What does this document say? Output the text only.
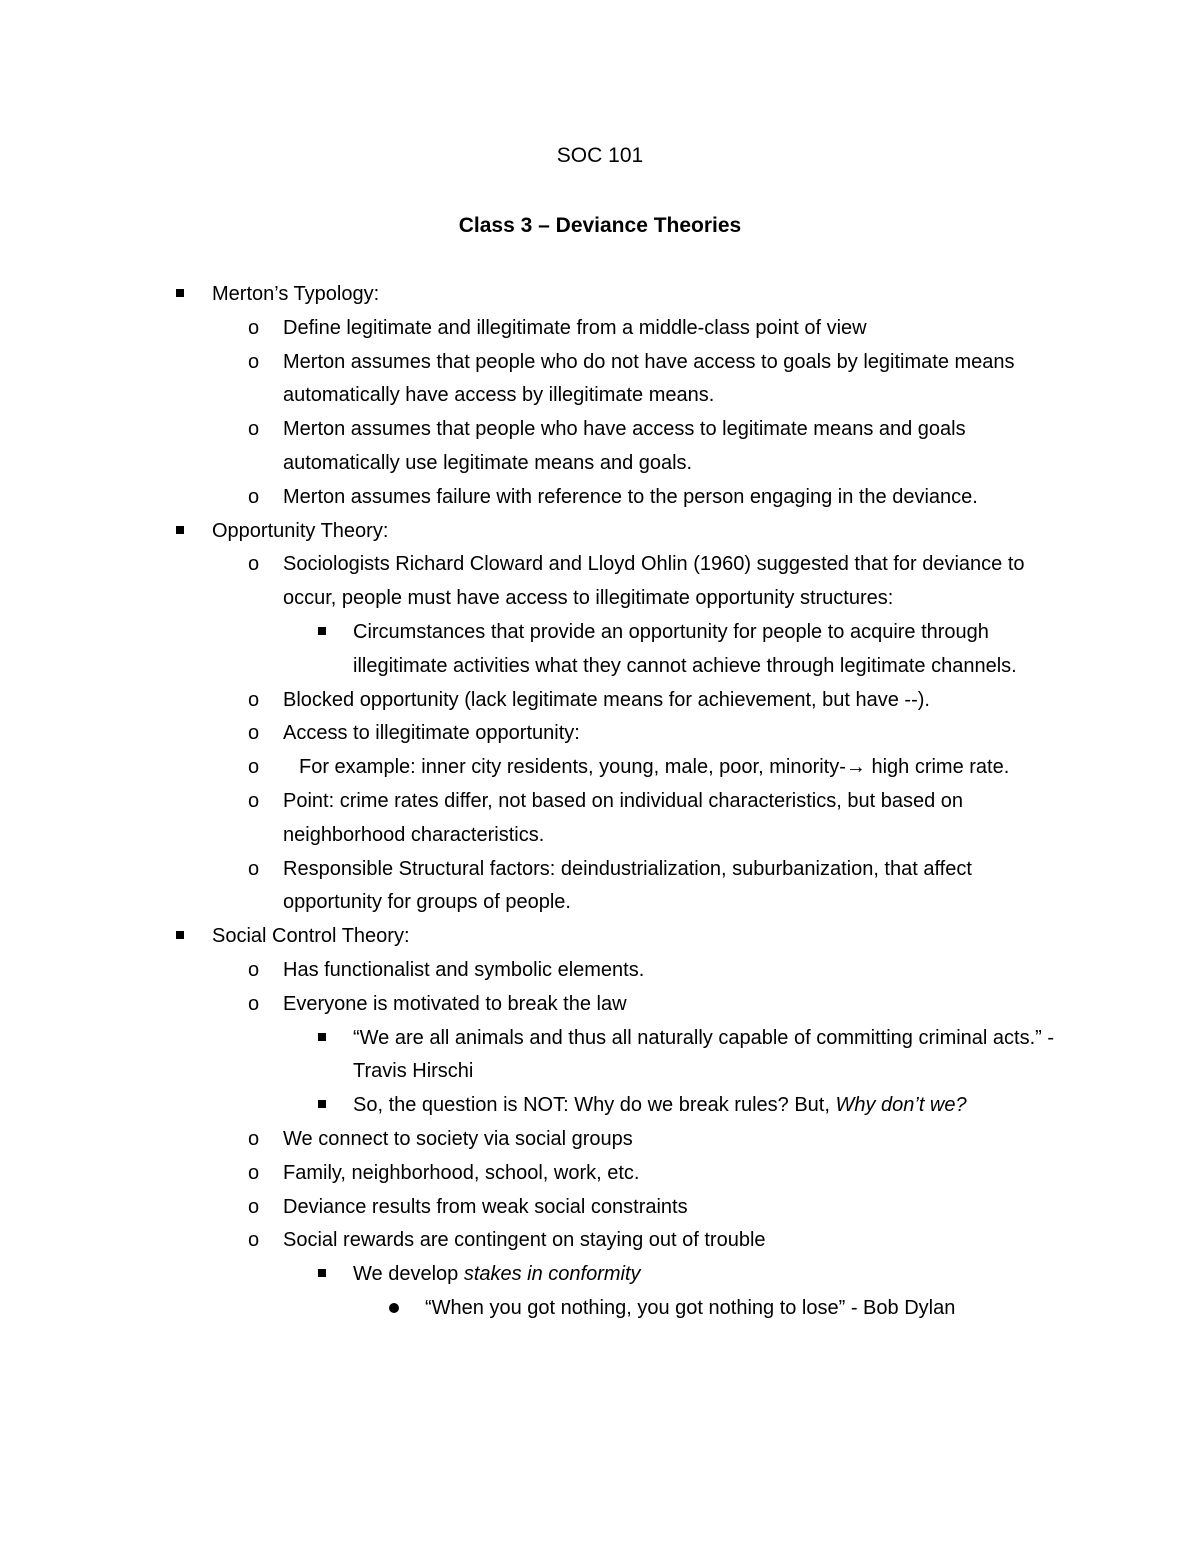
SOC 101
Class 3 – Deviance Theories
Merton’s Typology:
o Define legitimate and illegitimate from a middle-class point of view
o Merton assumes that people who do not have access to goals by legitimate means automatically have access by illegitimate means.
o Merton assumes that people who have access to legitimate means and goals automatically use legitimate means and goals.
o Merton assumes failure with reference to the person engaging in the deviance.
Opportunity Theory:
o Sociologists Richard Cloward and Lloyd Ohlin (1960) suggested that for deviance to occur, people must have access to illegitimate opportunity structures:
Circumstances that provide an opportunity for people to acquire through illegitimate activities what they cannot achieve through legitimate channels.
o Blocked opportunity (lack legitimate means for achievement, but have --).
o Access to illegitimate opportunity:
o For example: inner city residents, young, male, poor, minority-→ high crime rate.
o Point: crime rates differ, not based on individual characteristics, but based on neighborhood characteristics.
o Responsible Structural factors: deindustrialization, suburbanization, that affect opportunity for groups of people.
Social Control Theory:
o Has functionalist and symbolic elements.
o Everyone is motivated to break the law
“We are all animals and thus all naturally capable of committing criminal acts.” - Travis Hirschi
So, the question is NOT: Why do we break rules? But, Why don’t we?
o We connect to society via social groups
o Family, neighborhood, school, work, etc.
o Deviance results from weak social constraints
o Social rewards are contingent on staying out of trouble
We develop stakes in conformity
“When you got nothing, you got nothing to lose” - Bob Dylan
